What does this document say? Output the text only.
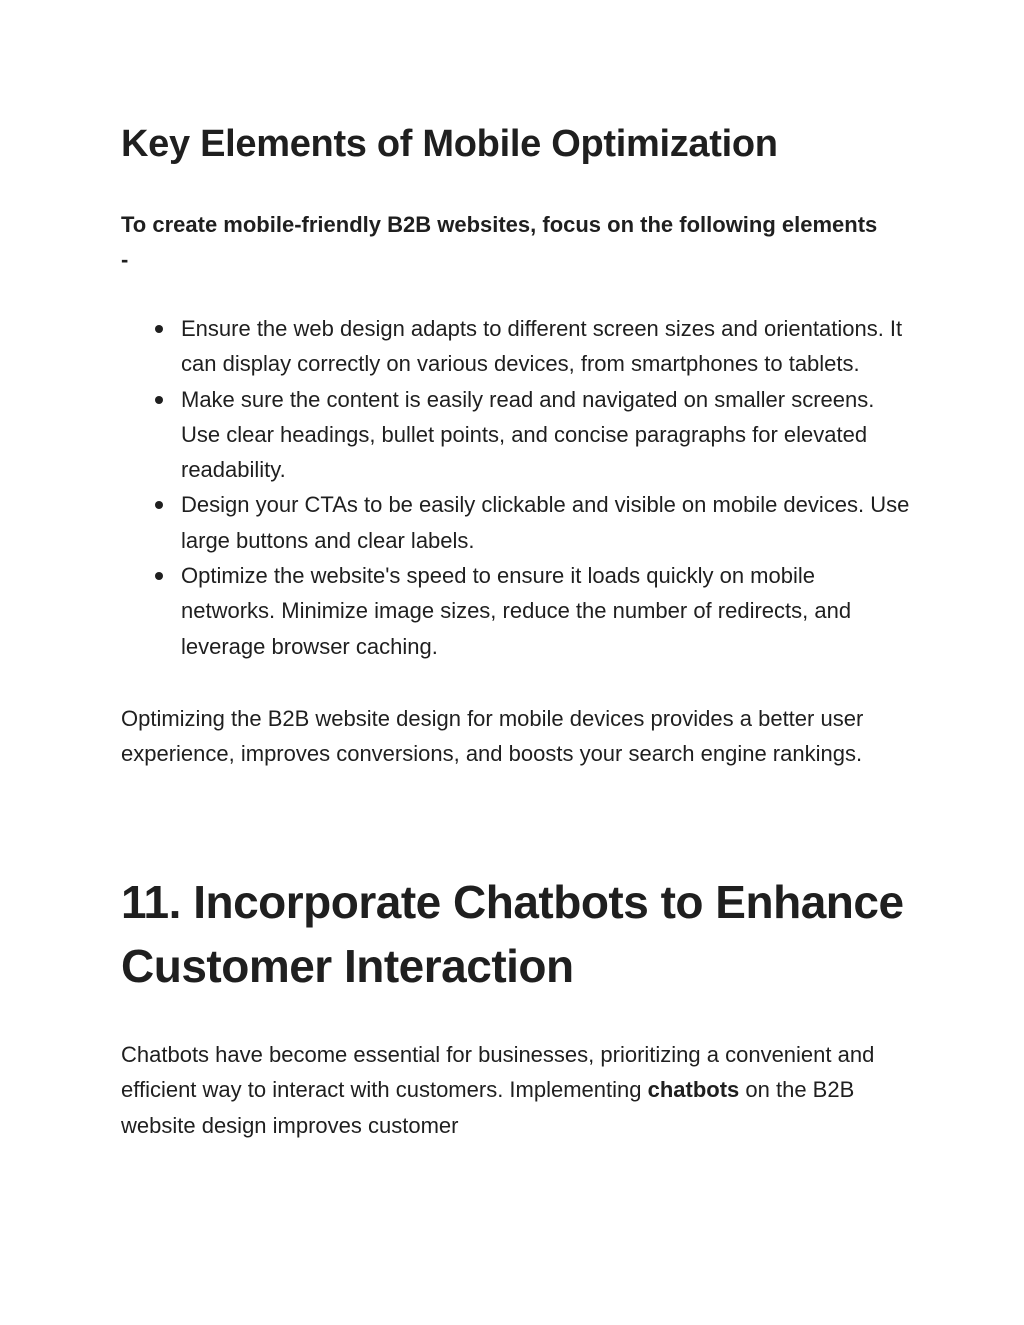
Key Elements of Mobile Optimization

To create mobile-friendly B2B websites, focus on the following elements -

Ensure the web design adapts to different screen sizes and orientations. It can display correctly on various devices, from smartphones to tablets.
Make sure the content is easily read and navigated on smaller screens. Use clear headings, bullet points, and concise paragraphs for elevated readability.
Design your CTAs to be easily clickable and visible on mobile devices. Use large buttons and clear labels.
Optimize the website's speed to ensure it loads quickly on mobile networks. Minimize image sizes, reduce the number of redirects, and leverage browser caching.

Optimizing the B2B website design for mobile devices provides a better user experience, improves conversions, and boosts your search engine rankings.

11. Incorporate Chatbots to Enhance Customer Interaction

Chatbots have become essential for businesses, prioritizing a convenient and efficient way to interact with customers. Implementing chatbots on the B2B website design improves customer
